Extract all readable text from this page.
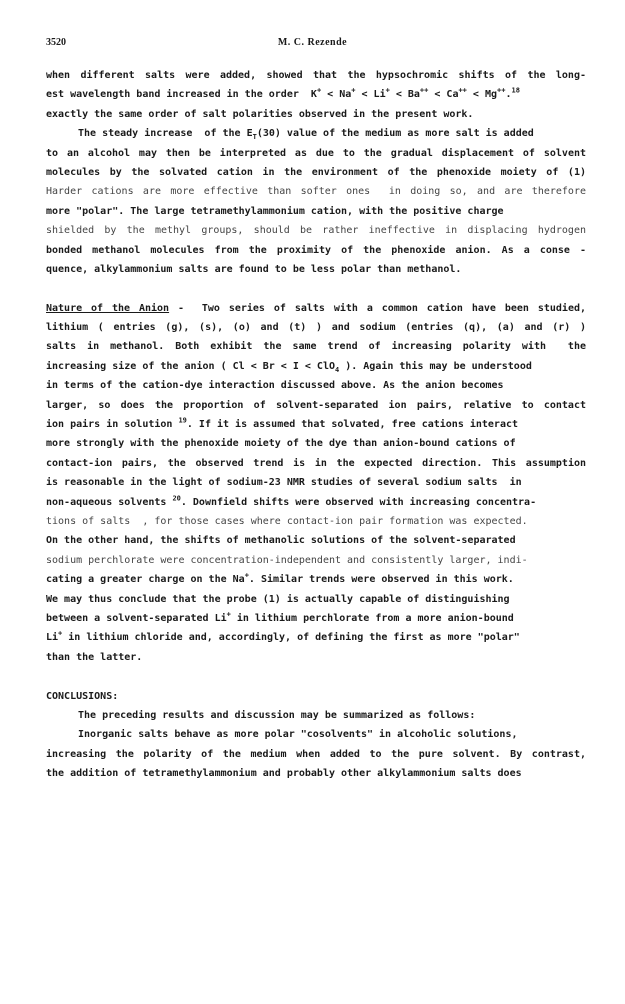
3520	M. C. Rezende
when different salts were added, showed that the hypsochromic shifts of the long-
est wavelength band increased in the order  K+ < Na+ < Li+ < Ba++ < Ca++ < Mg++.$^{18}$
exactly the same order of salt polarities observed in the present work.
The steady increase  of the $E_T(30)$ value of the medium as more salt is added
to an alcohol may then be interpreted as due to the gradual displacement of solvent
molecules by the solvated cation in the environment of the phenoxide moiety of (1)
Harder cations are more effective than softer ones  in doing so, and are therefore
more "polar". The large tetramethylammonium cation, with the positive charge
shielded by the methyl groups, should be rather ineffective in displacing hydrogen
bonded methanol molecules from the proximity of the phenoxide anion. As a conse -
quence, alkylammonium salts are found to be less polar than methanol.
Nature of the Anion -  Two series of salts with a common cation have been studied,
lithium ( entries (g), (s), (o) and (t) ) and sodium (entries (q), (a) and (r) )
salts in methanol. Both exhibit the same trend of increasing polarity with  the
increasing size of the anion ( Cl < Br < I < ClO$_4$ ). Again this may be understood
in terms of the cation-dye interaction discussed above. As the anion becomes
larger, so does the proportion of solvent-separated ion pairs, relative to contact
ion pairs in solution $^{19}$. If it is assumed that solvated, free cations interact
more strongly with the phenoxide moiety of the dye than anion-bound cations of
contact-ion pairs, the observed trend is in the expected direction. This assumption
is reasonable in the light of sodium-23 NMR studies of several sodium salts  in
non-aqueous solvents $^{20}$. Downfield shifts were observed with increasing concentra-
tions of salts  , for those cases where contact-ion pair formation was expected.
On the other hand, the shifts of methanolic solutions of the solvent-separated
sodium perchlorate were concentration-independent and consistently larger, indi-
cating a greater charge on the Na+. Similar trends were observed in this work.
We may thus conclude that the probe (1) is actually capable of distinguishing
between a solvent-separated Li+ in lithium perchlorate from a more anion-bound
Li+ in lithium chloride and, accordingly, of defining the first as more "polar"
than the latter.
CONCLUSIONS:
The preceding results and discussion may be summarized as follows:
Inorganic salts behave as more polar "cosolvents" in alcoholic solutions,
increasing the polarity of the medium when added to the pure solvent. By contrast,
the addition of tetramethylammonium and probably other alkylammonium salts does
